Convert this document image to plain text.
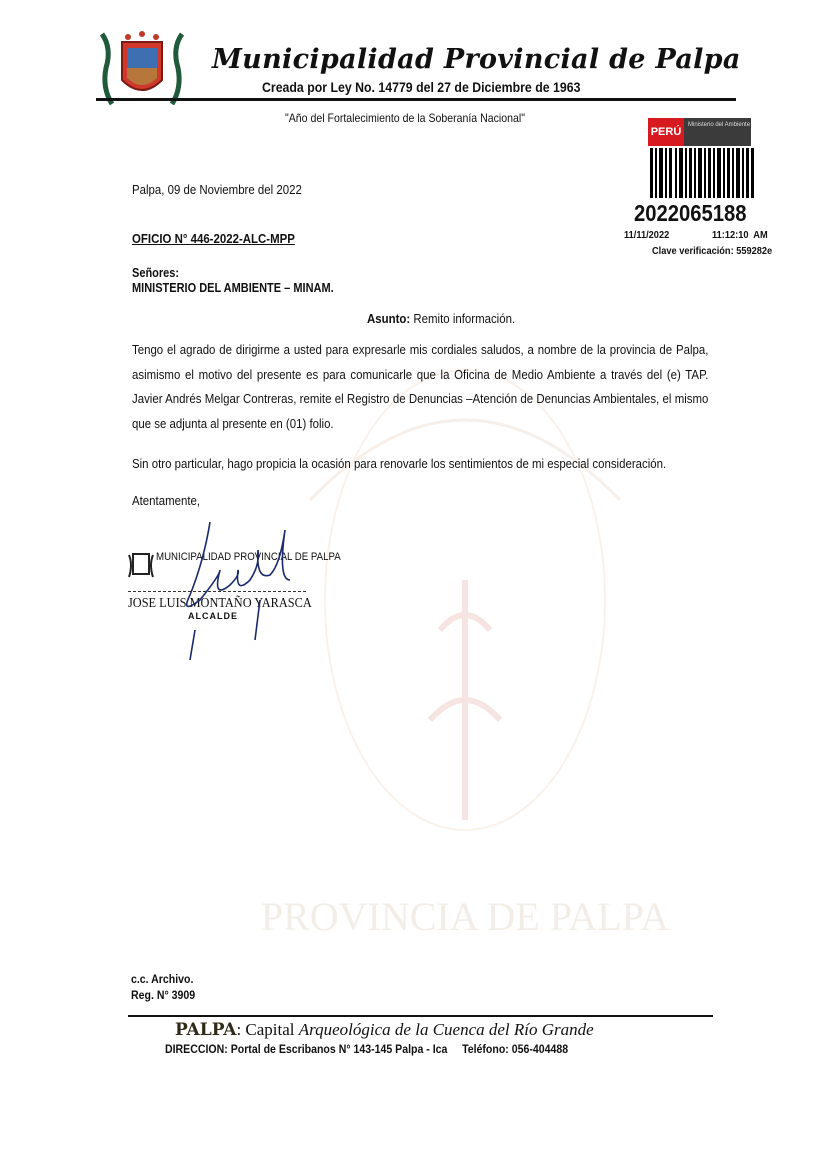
PROVINCIA DE PALPA
Municipalidad Provincial de Palpa
Creada por Ley No. 14779 del 27 de Diciembre de 1963
"Año del Fortalecimiento de la Soberanía Nacional"
PERÚ
Ministerio del Ambiente
2022065188
11/11/2022	11:12:10  AM
Clave verificación: 559282e
Palpa, 09 de Noviembre del 2022
OFICIO N° 446-2022-ALC-MPP
Señores:
MINISTERIO DEL AMBIENTE – MINAM.
Asunto: Remito información.
Tengo el agrado de dirigirme a usted para expresarle mis cordiales saludos, a nombre de la provincia de Palpa, asimismo el motivo del presente es para comunicarle que la Oficina de Medio Ambiente a través del (e) TAP. Javier Andrés Melgar Contreras, remite el Registro de Denuncias –Atención de Denuncias Ambientales, el mismo que se adjunta al presente en (01) folio.
Sin otro particular, hago propicia la ocasión para renovarle los sentimientos de mi especial consideración.
Atentamente,
MUNICIPALIDAD PROVINCIAL DE PALPA
JOSE LUIS MONTAÑO YARASCA
ALCALDE
c.c. Archivo.
Reg. N° 3909
PALPA: Capital Arqueológica de la Cuenca del Río Grande
DIRECCION: Portal de Escribanos N° 143-145 Palpa - Ica Teléfono: 056-404488
